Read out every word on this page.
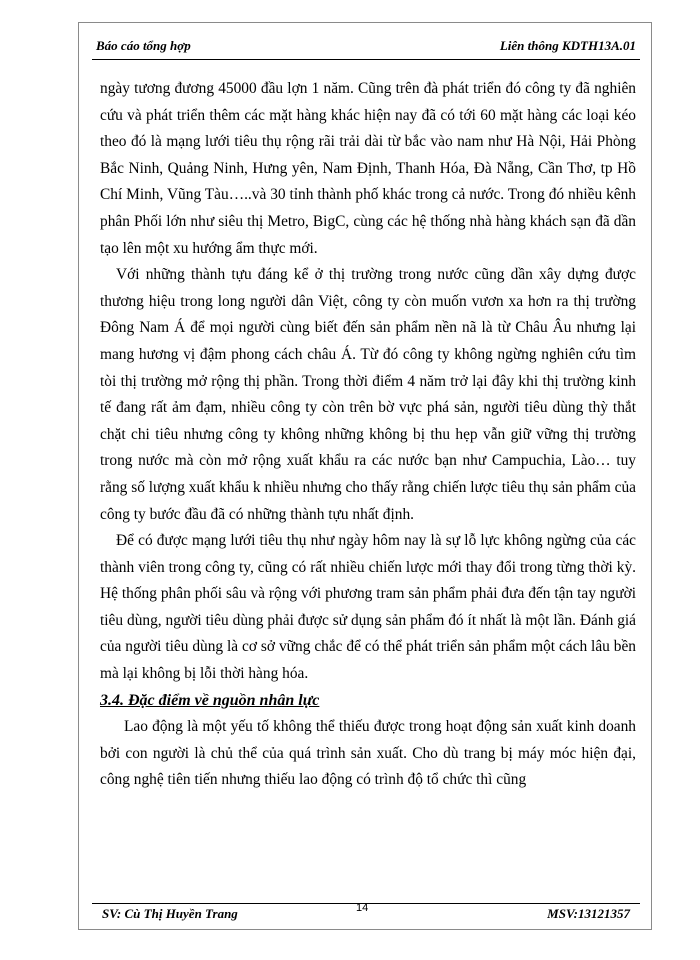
Báo cáo tổng hợp	Liên thông KDTH13A.01

ngày tương đương 45000 đầu lợn 1 năm. Cũng trên đà phát triển đó công ty đã nghiên cứu và phát triển thêm các mặt hàng khác hiện nay đã có tới 60 mặt hàng các loại kéo theo đó là mạng lưới tiêu thụ rộng rãi trải dài từ bắc vào nam như Hà Nội, Hải Phòng Bắc Ninh, Quảng Ninh, Hưng yên, Nam Định, Thanh Hóa, Đà Nẵng, Cần Thơ, tp Hồ Chí Minh, Vũng Tàu…..và 30 tỉnh thành phố khác trong cả nước. Trong đó nhiều kênh phân Phối lớn như siêu thị Metro, BigC, cùng các hệ thống nhà hàng khách sạn đã dần tạo lên một xu hướng ẩm thực mới.

Với những thành tựu đáng kể ở thị trường trong nước cũng dần xây dựng được thương hiệu trong long người dân Việt, công ty còn muốn vươn xa hơn ra thị trường Đông Nam Á để mọi người cùng biết đến sản phẩm nền nã là từ Châu Âu nhưng lại mang hương vị đậm phong cách châu Á. Từ đó công ty không ngừng nghiên cứu tìm tòi thị trường mở rộng thị phần. Trong thời điểm 4 năm trở lại đây khi thị trường kinh tế đang rất ảm đạm, nhiều công ty còn trên bờ vực phá sản, người tiêu dùng thỳ thắt chặt chi tiêu nhưng công ty không những không bị thu hẹp vẫn giữ vững thị trường trong nước mà còn mở rộng xuất khẩu ra các nước bạn như Campuchia, Lào… tuy rằng số lượng xuất khẩu k nhiều nhưng cho thấy rằng chiến lược tiêu thụ sản phẩm của công ty bước đầu đã có những thành tựu nhất định.

Để có được mạng lưới tiêu thụ như ngày hôm nay là sự lỗ lực không ngừng của các thành viên trong công ty, cũng có rất nhiều chiến lược mới thay đổi trong từng thời kỳ. Hệ thống phân phối sâu và rộng với phương tram sản phẩm phải đưa đến tận tay người tiêu dùng, người tiêu dùng phải được sử dụng sản phẩm đó ít nhất là một lần. Đánh giá của người tiêu dùng là cơ sở vững chắc để có thể phát triển sản phẩm một cách lâu bền mà lại không bị lỗi thời hàng hóa.

3.4. Đặc điểm về nguồn nhân lực

Lao động là một yếu tố không thể thiếu được trong hoạt động sản xuất kinh doanh bởi con người là chủ thể của quá trình sản xuất. Cho dù trang bị máy móc hiện đại, công nghệ tiên tiến nhưng thiếu lao động có trình độ tổ chức thì cũng

14
SV: Cù Thị Huyền Trang	MSV:13121357
